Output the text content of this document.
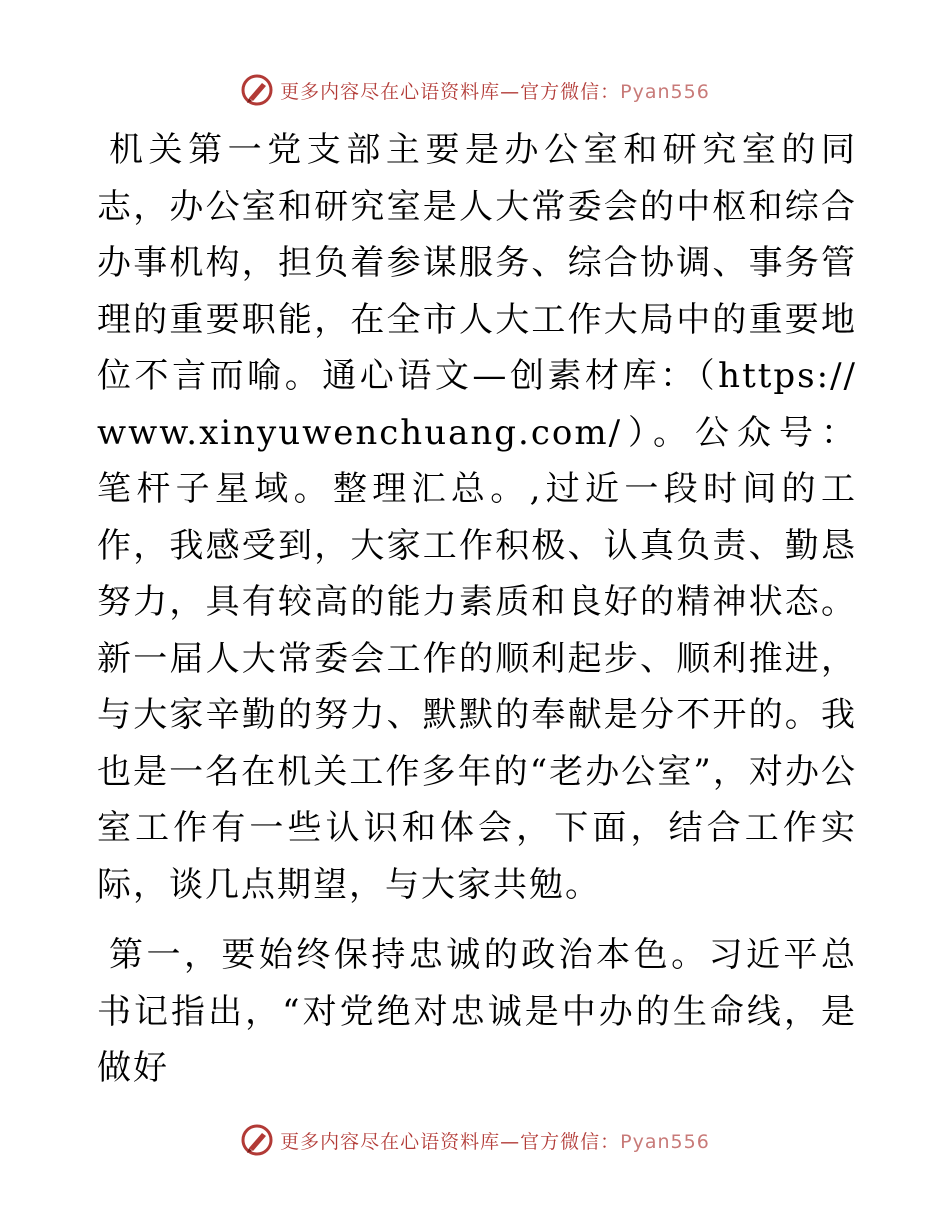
更多内容尽在心语资料库—官方微信：Pyan556

机关第一党支部主要是办公室和研究室的同志，办公室和研究室是人大常委会的中枢和综合办事机构，担负着参谋服务、综合协调、事务管理的重要职能，在全市人大工作大局中的重要地位不言而喻。通心语文—创素材库：（https://www.xinyuwenchuang.com/）。公众号：笔杆子星域。整理汇总。,过近一段时间的工作，我感受到，大家工作积极、认真负责、勤恳努力，具有较高的能力素质和良好的精神状态。新一届人大常委会工作的顺利起步、顺利推进，与大家辛勤的努力、默默的奉献是分不开的。我也是一名在机关工作多年的“老办公室”，对办公室工作有一些认识和体会，下面，结合工作实际，谈几点期望，与大家共勉。

第一，要始终保持忠诚的政治本色。习近平总书记指出，“对党绝对忠诚是中办的生命线，是做好

更多内容尽在心语资料库—官方微信：Pyan556
